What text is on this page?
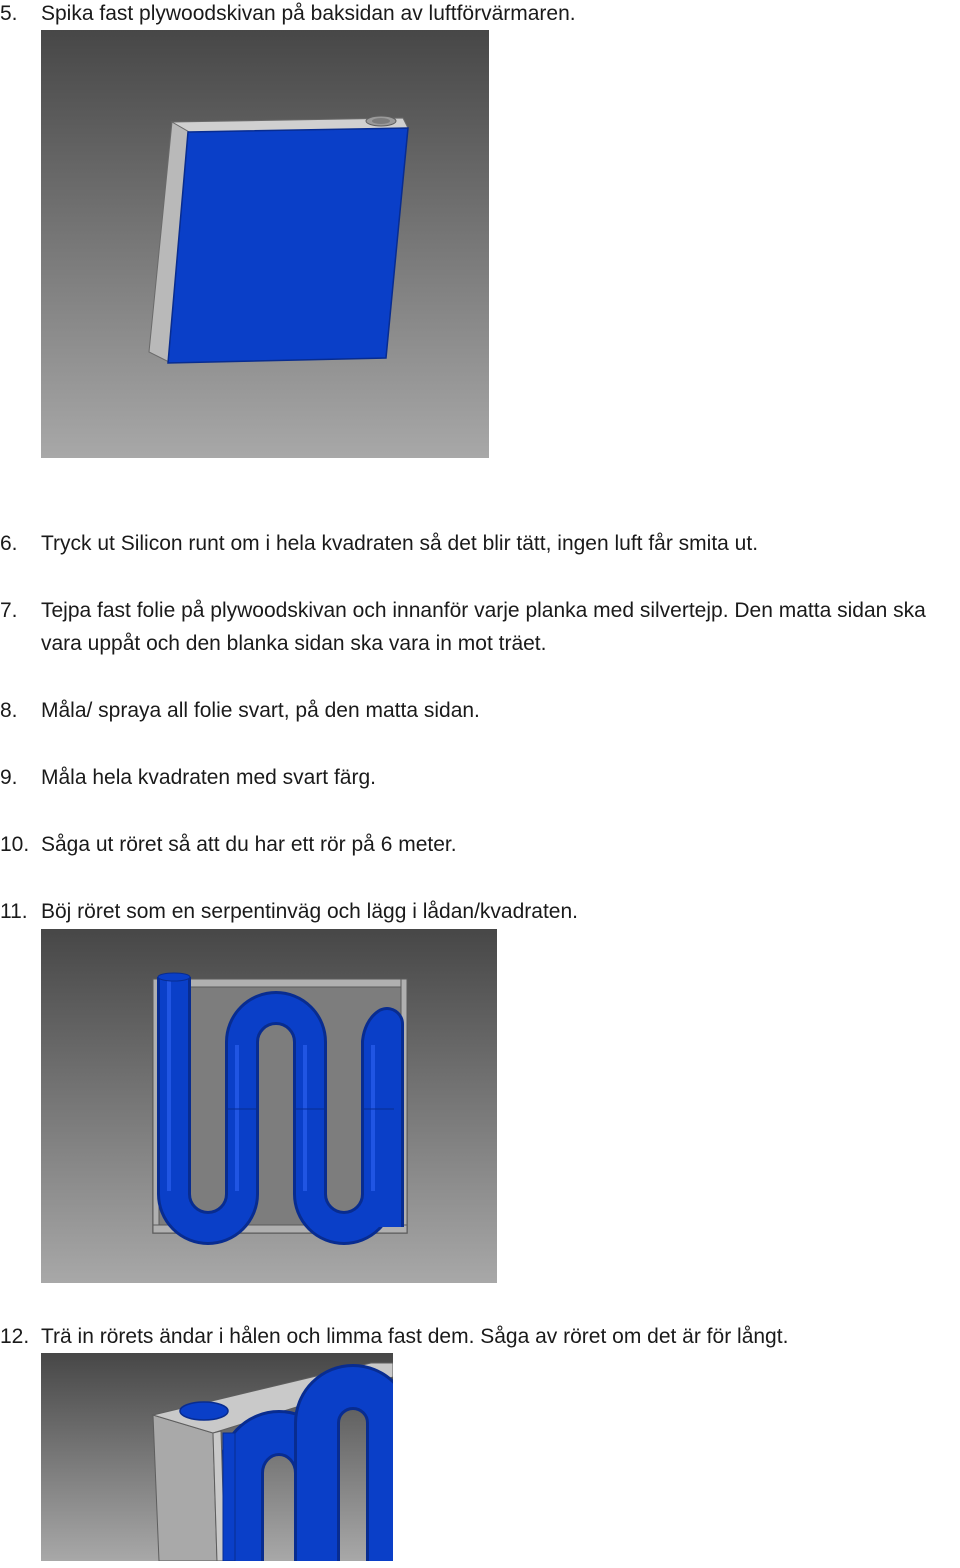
5. Spika fast plywoodskivan på baksidan av luftförvärmaren.
6. Tryck ut Silicon runt om i hela kvadraten så det blir tätt, ingen luft får smita ut.
7. Tejpa fast folie på plywoodskivan och innanför varje planka med silvertejp. Den matta sidan ska vara uppåt och den blanka sidan ska vara in mot träet.
8. Måla/ spraya all folie svart, på den matta sidan.
9. Måla hela kvadraten med svart färg.
10. Såga ut röret så att du har ett rör på 6 meter.
11. Böj röret som en serpentinväg och lägg i lådan/kvadraten.
12. Trä in rörets ändar i hålen och limma fast dem. Såga av röret om det är för långt.
